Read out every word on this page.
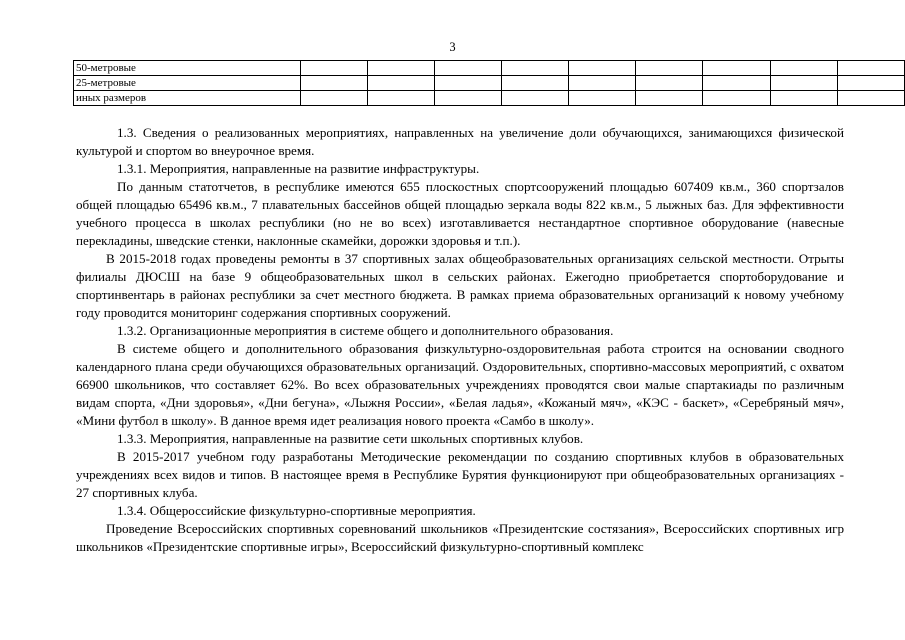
3
50-метровые									
25-метровые									
иных размеров									

1.3. Сведения о реализованных мероприятиях, направленных на увеличение доли обучающихся, занимающихся физической культурой и спортом во внеурочное время.

1.3.1. Мероприятия, направленные на развитие инфраструктуры.

По данным статотчетов, в республике имеются 655 плоскостных спортсооружений площадью 607409 кв.м., 360 спортзалов общей площадью 65496 кв.м., 7 плавательных бассейнов общей площадью зеркала воды 822 кв.м., 5 лыжных баз. Для эффективности учебного процесса в школах республики (но не во всех) изготавливается нестандартное спортивное оборудование (навесные перекладины, шведские стенки, наклонные скамейки, дорожки здоровья и т.п.).

В 2015-2018 годах проведены ремонты в 37 спортивных залах общеобразовательных организациях сельской местности. Отрыты филиалы ДЮСШ на базе 9 общеобразовательных школ в сельских районах. Ежегодно приобретается спортоборудование и спортинвентарь в районах республики за счет местного бюджета. В рамках приема образовательных организаций к новому учебному году проводится мониторинг содержания спортивных сооружений.

1.3.2. Организационные мероприятия в системе общего и дополнительного образования.

В системе общего и дополнительного образования физкультурно-оздоровительная работа строится на основании сводного календарного плана среди обучающихся образовательных организаций. Оздоровительных, спортивно-массовых мероприятий, с охватом 66900 школьников, что составляет 62%. Во всех образовательных учреждениях проводятся свои малые спартакиады по различным видам спорта, «Дни здоровья», «Дни бегуна», «Лыжня России», «Белая ладья», «Кожаный мяч», «КЭС - баскет», «Серебряный мяч», «Мини футбол в школу». В данное время идет реализация нового проекта «Самбо в школу».

1.3.3. Мероприятия, направленные на развитие сети школьных спортивных клубов.

В 2015-2017 учебном году разработаны Методические рекомендации по созданию спортивных клубов в образовательных учреждениях всех видов и типов. В настоящее время в Республике Бурятия функционируют при общеобразовательных организациях - 27 спортивных клуба.

1.3.4. Общероссийские физкультурно-спортивные мероприятия.

Проведение Всероссийских спортивных соревнований школьников «Президентские состязания», Всероссийских спортивных игр школьников «Президентские спортивные игры», Всероссийский физкультурно-спортивный комплекс
